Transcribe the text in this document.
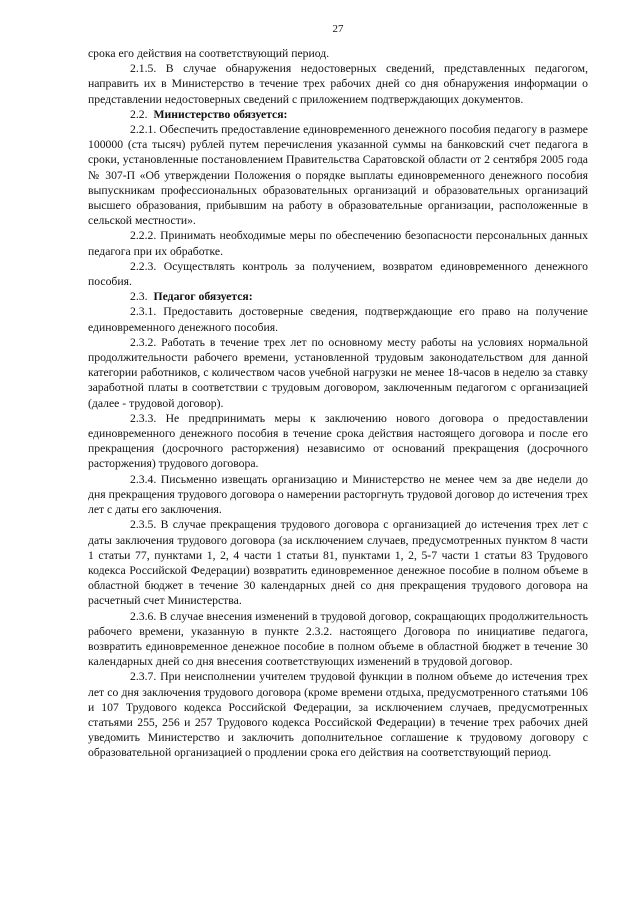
27

срока его действия на соответствующий период.

2.1.5. В случае обнаружения недостоверных сведений, представленных педагогом, направить их в Министерство в течение трех рабочих дней со дня обнаружения информации о представлении недостоверных сведений с приложением подтверждающих документов.

2.2. Министерство обязуется:

2.2.1. Обеспечить предоставление единовременного денежного пособия педагогу в размере 100000 (ста тысяч) рублей путем перечисления указанной суммы на банковский счет педагога в сроки, установленные постановлением Правительства Саратовской области от 2 сентября 2005 года № 307-П «Об утверждении Положения о порядке выплаты единовременного денежного пособия выпускникам профессиональных образовательных организаций и образовательных организаций высшего образования, прибывшим на работу в образовательные организации, расположенные в сельской местности».

2.2.2. Принимать необходимые меры по обеспечению безопасности персональных данных педагога при их обработке.

2.2.3. Осуществлять контроль за получением, возвратом единовременного денежного пособия.

2.3. Педагог обязуется:

2.3.1. Предоставить достоверные сведения, подтверждающие его право на получение единовременного денежного пособия.

2.3.2. Работать в течение трех лет по основному месту работы на условиях нормальной продолжительности рабочего времени, установленной трудовым законодательством для данной категории работников, с количеством часов учебной нагрузки не менее 18-часов в неделю за ставку заработной платы в соответствии с трудовым договором, заключенным педагогом с организацией (далее - трудовой договор).

2.3.3. Не предпринимать меры к заключению нового договора о предоставлении единовременного денежного пособия в течение срока действия настоящего договора и после его прекращения (досрочного расторжения) независимо от оснований прекращения (досрочного расторжения) трудового договора.

2.3.4. Письменно извещать организацию и Министерство не менее чем за две недели до дня прекращения трудового договора о намерении расторгнуть трудовой договор до истечения трех лет с даты его заключения.

2.3.5. В случае прекращения трудового договора с организацией до истечения трех лет с даты заключения трудового договора (за исключением случаев, предусмотренных пунктом 8 части 1 статьи 77, пунктами 1, 2, 4 части 1 статьи 81, пунктами 1, 2, 5-7 части 1 статьи 83 Трудового кодекса Российской Федерации) возвратить единовременное денежное пособие в полном объеме в областной бюджет в течение 30 календарных дней со дня прекращения трудового договора на расчетный счет Министерства.

2.3.6. В случае внесения изменений в трудовой договор, сокращающих продолжительность рабочего времени, указанную в пункте 2.3.2. настоящего Договора по инициативе педагога, возвратить единовременное денежное пособие в полном объеме в областной бюджет в течение 30 календарных дней со дня внесения соответствующих изменений в трудовой договор.

2.3.7. При неисполнении учителем трудовой функции в полном объеме до истечения трех лет со дня заключения трудового договора (кроме времени отдыха, предусмотренного статьями 106 и 107 Трудового кодекса Российской Федерации, за исключением случаев, предусмотренных статьями 255, 256 и 257 Трудового кодекса Российской Федерации) в течение трех рабочих дней уведомить Министерство и заключить дополнительное соглашение к трудовому договору с образовательной организацией о продлении срока его действия на соответствующий период.
